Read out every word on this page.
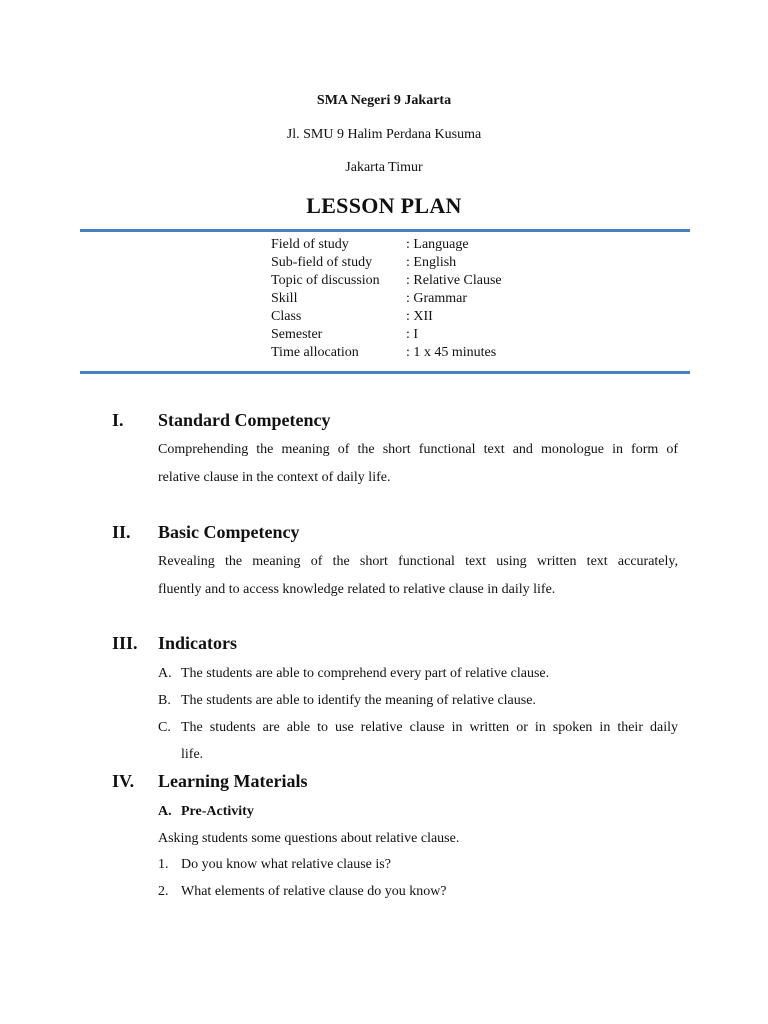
SMA Negeri 9 Jakarta
Jl. SMU 9 Halim Perdana Kusuma
Jakarta Timur
LESSON PLAN
Field of study	: Language
Sub-field of study	: English
Topic of discussion	: Relative Clause
Skill	: Grammar
Class	: XII
Semester	: I
Time allocation	: 1 x 45 minutes
I. Standard Competency
Comprehending the meaning of the short functional text and monologue in form of
relative clause in the context of daily life.
II. Basic Competency
Revealing the meaning of the short functional text using written text accurately,
fluently and to access knowledge related to relative clause in daily life.
III. Indicators
A. The students are able to comprehend every part of relative clause.
B. The students are able to identify the meaning of relative clause.
C. The students are able to use relative clause in written or in spoken in their daily
life.
IV. Learning Materials
A. Pre-Activity
Asking students some questions about relative clause.
1. Do you know what relative clause is?
2. What elements of relative clause do you know?
